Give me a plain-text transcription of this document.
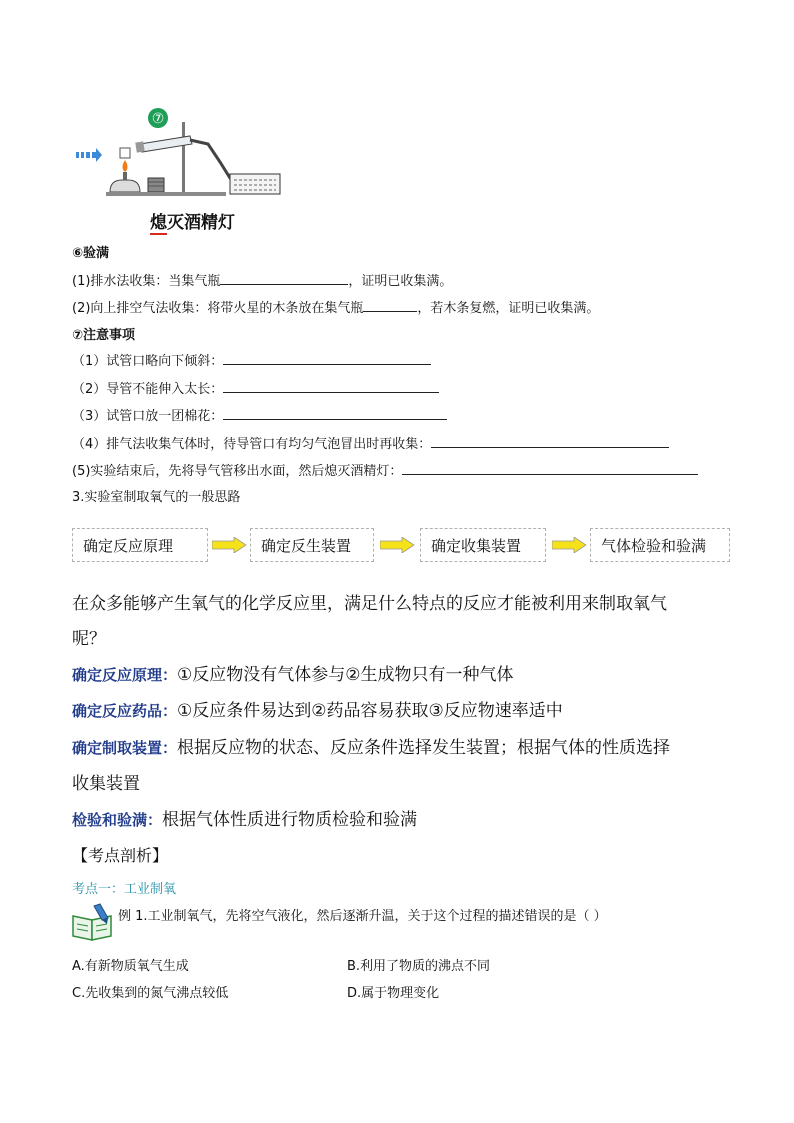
⑦
熄灭酒精灯
⑥验满
(1)排水法收集：当集气瓶	，证明已收集满。
(2)向上排空气法收集：将带火星的木条放在集气瓶	，若木条复燃，证明已收集满。
⑦注意事项
（1）试管口略向下倾斜：
（2）导管不能伸入太长：
（3）试管口放一团棉花：
（4）排气法收集气体时，待导管口有均匀气泡冒出时再收集：
(5)实验结束后，先将导气管移出水面，然后熄灭酒精灯：
3.实验室制取氧气的一般思路
确定反应原理	确定反生装置	确定收集装置	气体检验和验满
在众多能够产生氧气的化学反应里，满足什么特点的反应才能被利用来制取氧气
呢？
确定反应原理：①反应物没有气体参与②生成物只有一种气体
确定反应药品：①反应条件易达到②药品容易获取③反应物速率适中
确定制取装置：根据反应物的状态、反应条件选择发生装置；根据气体的性质选择
收集装置
检验和验满：根据气体性质进行物质检验和验满
【考点剖析】
考点一：工业制氧
例 1.工业制氧气，先将空气液化，然后逐渐升温，关于这个过程的描述错误的是（ ）
A.有新物质氧气生成	B.利用了物质的沸点不同
C.先收集到的氮气沸点较低	D.属于物理变化
